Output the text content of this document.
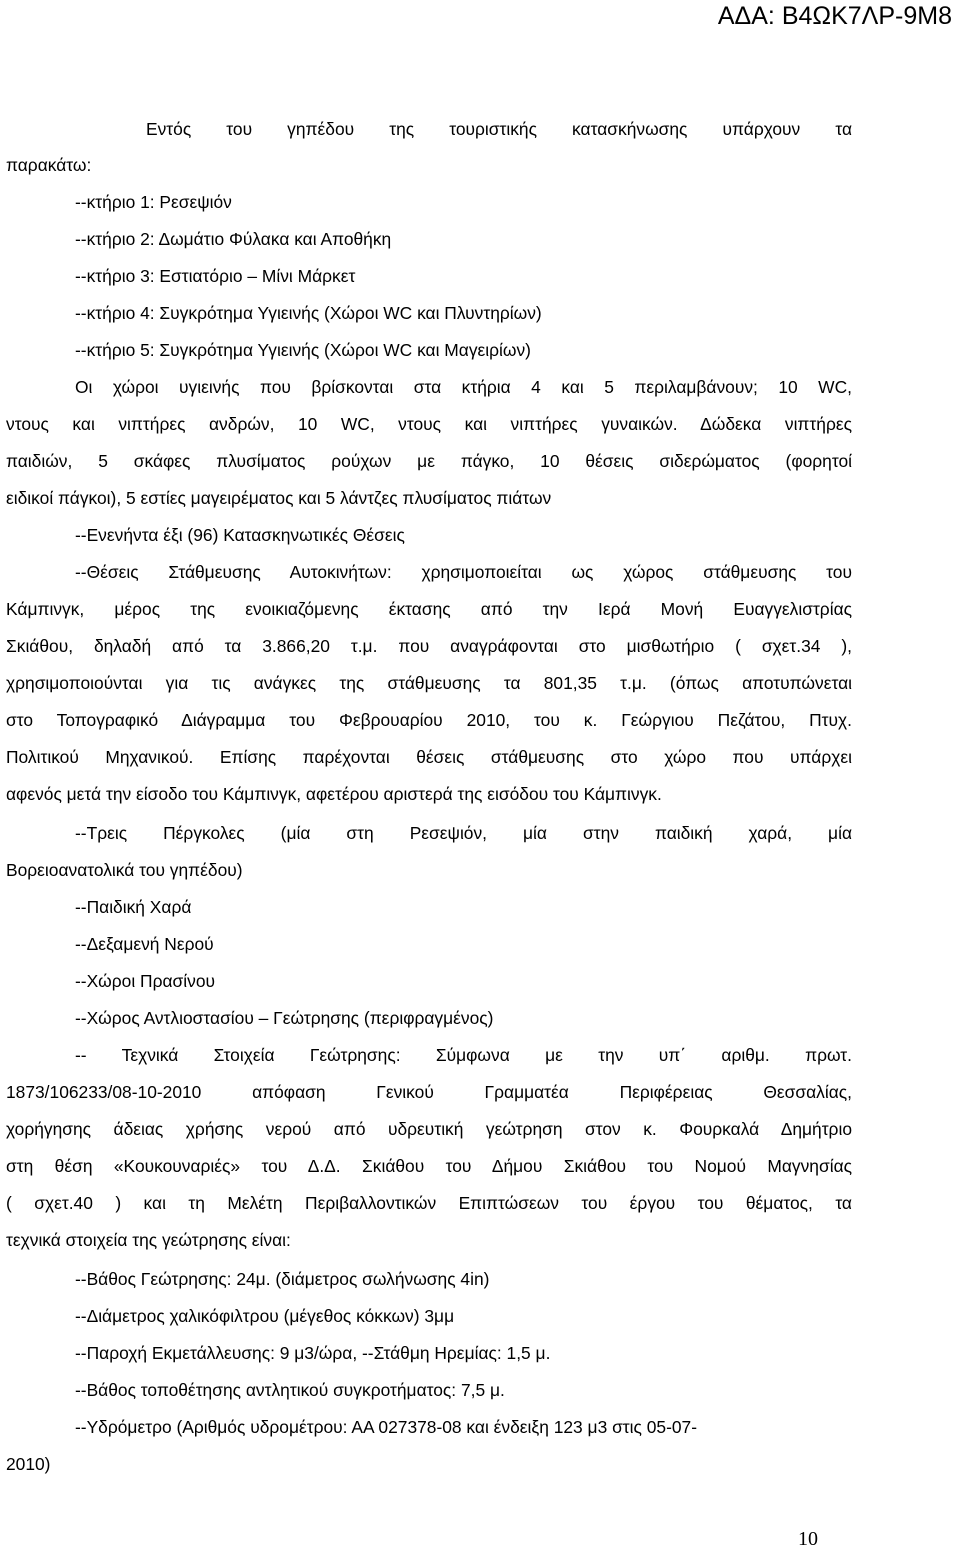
ΑΔΑ: Β4ΩΚ7ΛΡ-9Μ8
Εντός του γηπέδου της τουριστικής κατασκήνωσης υπάρχουν τα
παρακάτω:
--κτήριο 1: Ρεσεψιόν
--κτήριο 2: Δωμάτιο Φύλακα και Αποθήκη
--κτήριο 3: Εστιατόριο – Μίνι Μάρκετ
--κτήριο 4: Συγκρότημα Υγιεινής (Χώροι WC και Πλυντηρίων)
--κτήριο 5: Συγκρότημα Υγιεινής (Χώροι WC και Μαγειρίων)
Οι χώροι υγιεινής που βρίσκονται στα κτήρια 4 και 5 περιλαμβάνουν; 10 WC,
ντους και νιπτήρες ανδρών, 10 WC, ντους και νιπτήρες γυναικών. Δώδεκα νιπτήρες
παιδιών, 5 σκάφες πλυσίματος ρούχων με πάγκο, 10 θέσεις σιδερώματος (φορητοί
ειδικοί πάγκοι), 5 εστίες μαγειρέματος και 5 λάντζες πλυσίματος πιάτων
--Ενενήντα έξι (96) Κατασκηνωτικές Θέσεις
--Θέσεις Στάθμευσης Αυτοκινήτων: χρησιμοποιείται ως χώρος στάθμευσης του
Κάμπινγκ, μέρος της ενοικιαζόμενης έκτασης από την Ιερά Μονή Ευαγγελιστρίας
Σκιάθου, δηλαδή από τα 3.866,20 τ.μ. που αναγράφονται στο μισθωτήριο ( σχετ.34 ),
χρησιμοποιούνται για τις ανάγκες της στάθμευσης τα 801,35 τ.μ. (όπως αποτυπώνεται
στο Τοπογραφικό Διάγραμμα του Φεβρουαρίου 2010, του κ. Γεώργιου Πεζάτου, Πτυχ.
Πολιτικού Μηχανικού. Επίσης παρέχονται θέσεις στάθμευσης στο χώρο που υπάρχει
αφενός μετά την είσοδο του Κάμπινγκ, αφετέρου αριστερά της εισόδου του Κάμπινγκ.
--Τρεις Πέργκολες (μία στη Ρεσεψιόν, μία στην παιδική χαρά, μία
Βορειοανατολικά του γηπέδου)
--Παιδική Χαρά
--Δεξαμενή Νερού
--Χώροι Πρασίνου
--Χώρος Αντλιοστασίου – Γεώτρησης (περιφραγμένος)
-- Τεχνικά Στοιχεία Γεώτρησης: Σύμφωνα με την υπ΄ αριθμ. πρωτ.
1873/106233/08-10-2010 απόφαση Γενικού Γραμματέα Περιφέρειας Θεσσαλίας,
χορήγησης άδειας χρήσης νερού από υδρευτική γεώτρηση στον κ. Φουρκαλά Δημήτριο
στη θέση «Κουκουναριές» του Δ.Δ. Σκιάθου του Δήμου Σκιάθου του Νομού Μαγνησίας
( σχετ.40 ) και τη Μελέτη Περιβαλλοντικών Επιπτώσεων του έργου του θέματος, τα
τεχνικά στοιχεία της γεώτρησης είναι:
--Βάθος Γεώτρησης: 24μ. (διάμετρος σωλήνωσης 4in)
--Διάμετρος χαλικόφιλτρου (μέγεθος κόκκων) 3μμ
--Παροχή Εκμετάλλευσης: 9 μ3/ώρα, --Στάθμη Ηρεμίας: 1,5 μ.
--Βάθος τοποθέτησης αντλητικού συγκροτήματος: 7,5 μ.
--Υδρόμετρο (Αριθμός υδρομέτρου: ΑΑ 027378-08 και ένδειξη 123 μ3 στις 05-07-
2010)
10
